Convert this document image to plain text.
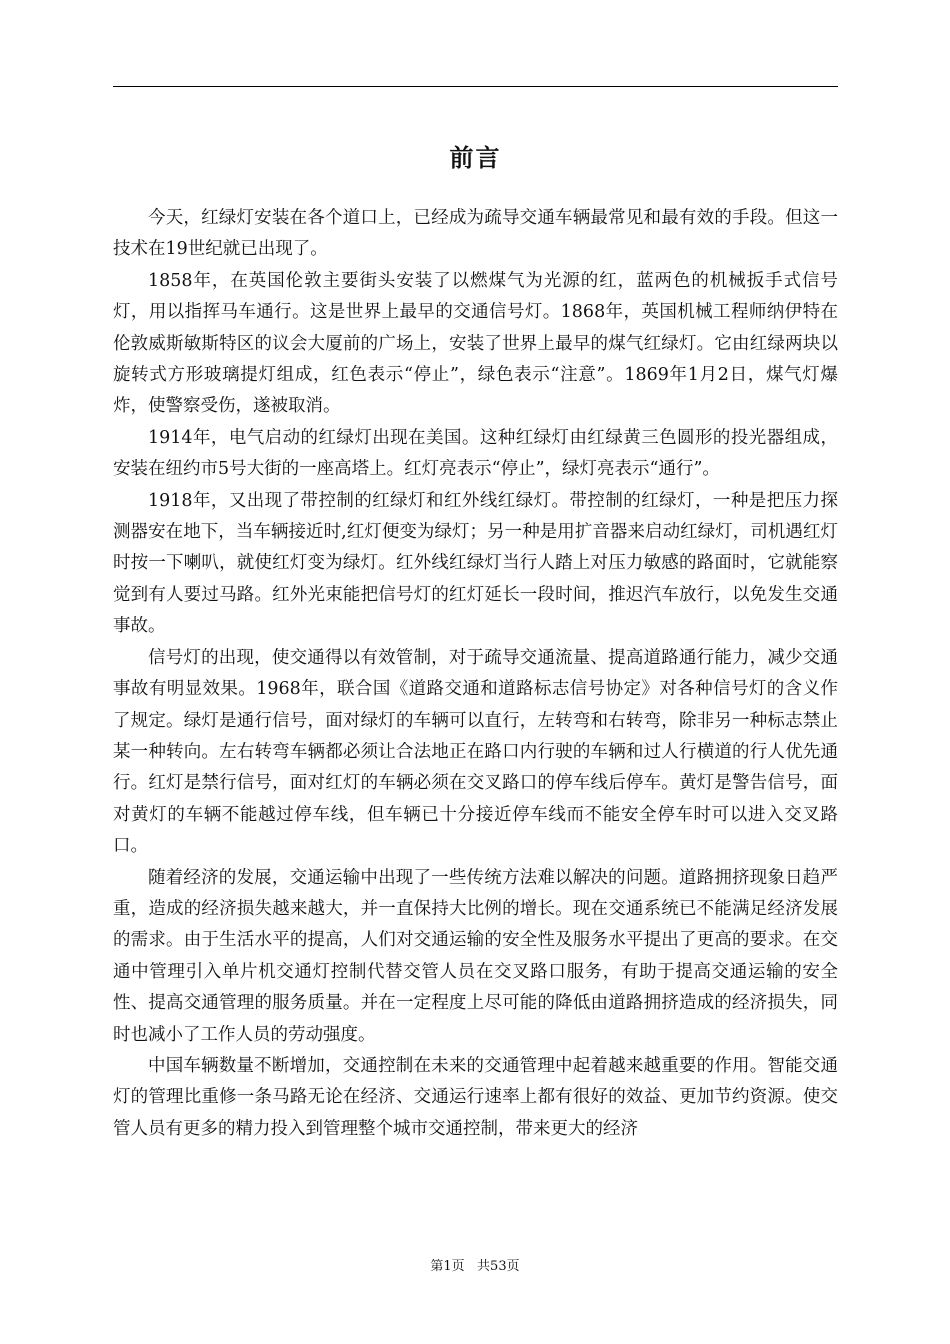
前言

今天，红绿灯安装在各个道口上，已经成为疏导交通车辆最常见和最有效的手段。但这一技术在19世纪就已出现了。

1858年，在英国伦敦主要街头安装了以燃煤气为光源的红，蓝两色的机械扳手式信号灯，用以指挥马车通行。这是世界上最早的交通信号灯。1868年，英国机械工程师纳伊特在伦敦威斯敏斯特区的议会大厦前的广场上，安装了世界上最早的煤气红绿灯。它由红绿两块以旋转式方形玻璃提灯组成，红色表示“停止”，绿色表示“注意”。1869年1月2日，煤气灯爆炸，使警察受伤，遂被取消。

1914年，电气启动的红绿灯出现在美国。这种红绿灯由红绿黄三色圆形的投光器组成，安装在纽约市5号大街的一座高塔上。红灯亮表示“停止”，绿灯亮表示“通行”。

1918年，又出现了带控制的红绿灯和红外线红绿灯。带控制的红绿灯，一种是把压力探测器安在地下，当车辆接近时,红灯便变为绿灯；另一种是用扩音器来启动红绿灯，司机遇红灯时按一下喇叭，就使红灯变为绿灯。红外线红绿灯当行人踏上对压力敏感的路面时，它就能察觉到有人要过马路。红外光束能把信号灯的红灯延长一段时间，推迟汽车放行，以免发生交通事故。

信号灯的出现，使交通得以有效管制，对于疏导交通流量、提高道路通行能力，减少交通事故有明显效果。1968年，联合国《道路交通和道路标志信号协定》对各种信号灯的含义作了规定。绿灯是通行信号，面对绿灯的车辆可以直行，左转弯和右转弯，除非另一种标志禁止某一种转向。左右转弯车辆都必须让合法地正在路口内行驶的车辆和过人行横道的行人优先通行。红灯是禁行信号，面对红灯的车辆必须在交叉路口的停车线后停车。黄灯是警告信号，面对黄灯的车辆不能越过停车线，但车辆已十分接近停车线而不能安全停车时可以进入交叉路口。

随着经济的发展，交通运输中出现了一些传统方法难以解决的问题。道路拥挤现象日趋严重，造成的经济损失越来越大，并一直保持大比例的增长。现在交通系统已不能满足经济发展的需求。由于生活水平的提高，人们对交通运输的安全性及服务水平提出了更高的要求。在交通中管理引入单片机交通灯控制代替交管人员在交叉路口服务，有助于提高交通运输的安全性、提高交通管理的服务质量。并在一定程度上尽可能的降低由道路拥挤造成的经济损失，同时也减小了工作人员的劳动强度。

中国车辆数量不断增加，交通控制在未来的交通管理中起着越来越重要的作用。智能交通灯的管理比重修一条马路无论在经济、交通运行速率上都有很好的效益、更加节约资源。使交管人员有更多的精力投入到管理整个城市交通控制，带来更大的经济

第1页   共53页
